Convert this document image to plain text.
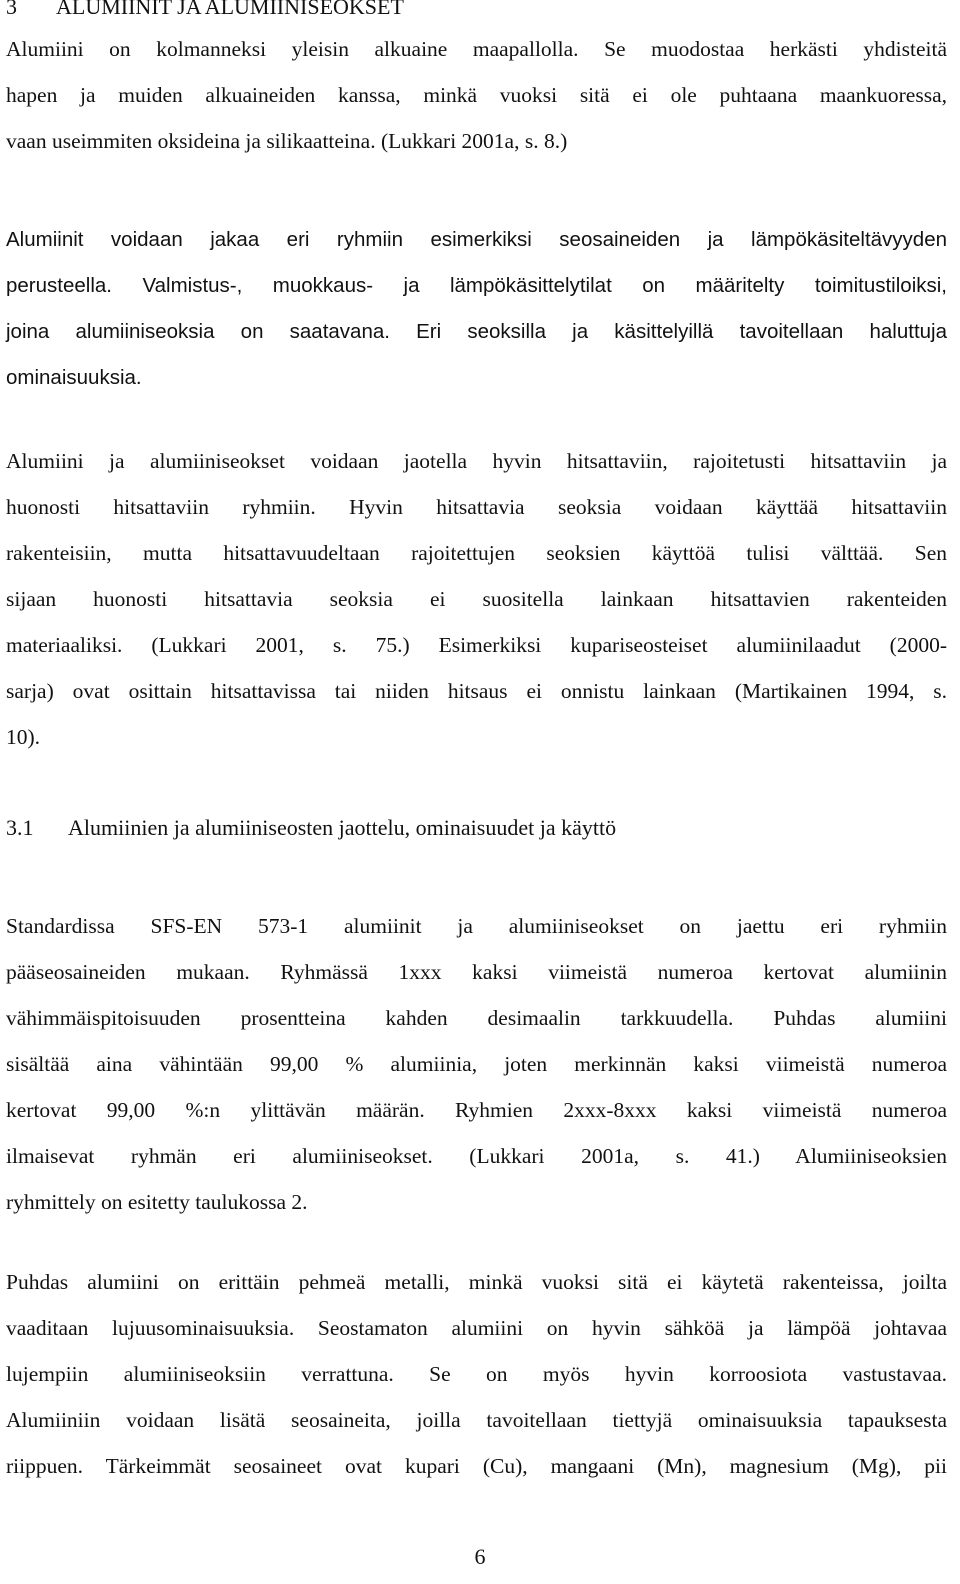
3 ALUMIINIT JA ALUMIINISEOKSET
Alumiini on kolmanneksi yleisin alkuaine maapallolla. Se muodostaa herkästi yhdisteitä
hapen ja muiden alkuaineiden kanssa, minkä vuoksi sitä ei ole puhtaana maankuoressa,
vaan useimmiten oksideina ja silikaatteina. (Lukkari 2001a, s. 8.)
Alumiinit voidaan jakaa eri ryhmiin esimerkiksi seosaineiden ja lämpökäsiteltävyyden
perusteella. Valmistus-, muokkaus- ja lämpökäsittelytilat on määritelty toimitustiloiksi,
joina alumiiniseoksia on saatavana. Eri seoksilla ja käsittelyillä tavoitellaan haluttuja
ominaisuuksia.
Alumiini ja alumiiniseokset voidaan jaotella hyvin hitsattaviin, rajoitetusti hitsattaviin ja
huonosti hitsattaviin ryhmiin. Hyvin hitsattavia seoksia voidaan käyttää hitsattaviin
rakenteisiin, mutta hitsattavuudeltaan rajoitettujen seoksien käyttöä tulisi välttää. Sen
sijaan huonosti hitsattavia seoksia ei suositella lainkaan hitsattavien rakenteiden
materiaaliksi. (Lukkari 2001, s. 75.) Esimerkiksi kupariseosteiset alumiinilaadut (2000-
sarja) ovat osittain hitsattavissa tai niiden hitsaus ei onnistu lainkaan (Martikainen 1994, s.
10).
3.1 Alumiinien ja alumiiniseosten jaottelu, ominaisuudet ja käyttö
Standardissa SFS-EN 573-1 alumiinit ja alumiiniseokset on jaettu eri ryhmiin
pääseosaineiden mukaan. Ryhmässä 1xxx kaksi viimeistä numeroa kertovat alumiinin
vähimmäispitoisuuden prosentteina kahden desimaalin tarkkuudella. Puhdas alumiini
sisältää aina vähintään 99,00 % alumiinia, joten merkinnän kaksi viimeistä numeroa
kertovat 99,00 %:n ylittävän määrän. Ryhmien 2xxx-8xxx kaksi viimeistä numeroa
ilmaisevat ryhmän eri alumiiniseokset. (Lukkari 2001a, s. 41.) Alumiiniseoksien
ryhmittely on esitetty taulukossa 2.
Puhdas alumiini on erittäin pehmeä metalli, minkä vuoksi sitä ei käytetä rakenteissa, joilta
vaaditaan lujuusominaisuuksia. Seostamaton alumiini on hyvin sähköä ja lämpöä johtavaa
lujempiin alumiiniseoksiin verrattuna. Se on myös hyvin korroosiota vastustavaa.
Alumiiniin voidaan lisätä seosaineita, joilla tavoitellaan tiettyjä ominaisuuksia tapauksesta
riippuen. Tärkeimmät seosaineet ovat kupari (Cu), mangaani (Mn), magnesium (Mg), pii
6
